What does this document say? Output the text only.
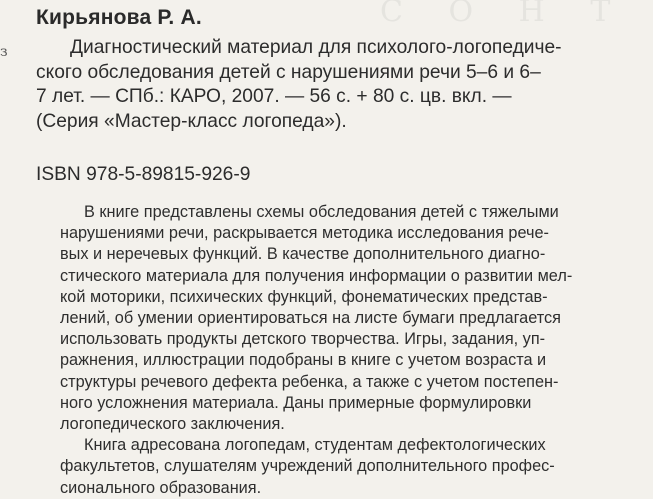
С О Н Т
з
Кирьянова Р. А.
Диагностический материал для психолого-логопедиче-
ского обследования детей с нарушениями речи 5–6 и 6–
7 лет. — СПб.: КАРО, 2007. — 56 с. + 80 с. цв. вкл. —
(Серия «Мастер-класс логопеда»).
ISBN 978-5-89815-926-9
В книге представлены схемы обследования детей с тяжелыми
нарушениями речи, раскрывается методика исследования рече-
вых и неречевых функций. В качестве дополнительного диагно-
стического материала для получения информации о развитии мел-
кой моторики, психических функций, фонематических представ-
лений, об умении ориентироваться на листе бумаги предлагается
использовать продукты детского творчества. Игры, задания, уп-
ражнения, иллюстрации подобраны в книге с учетом возраста и
структуры речевого дефекта ребенка, а также с учетом постепен-
ного усложнения материала. Даны примерные формулировки
логопедического заключения.
Книга адресована логопедам, студентам дефектологических
факультетов, слушателям учреждений дополнительного профес-
сионального образования.
